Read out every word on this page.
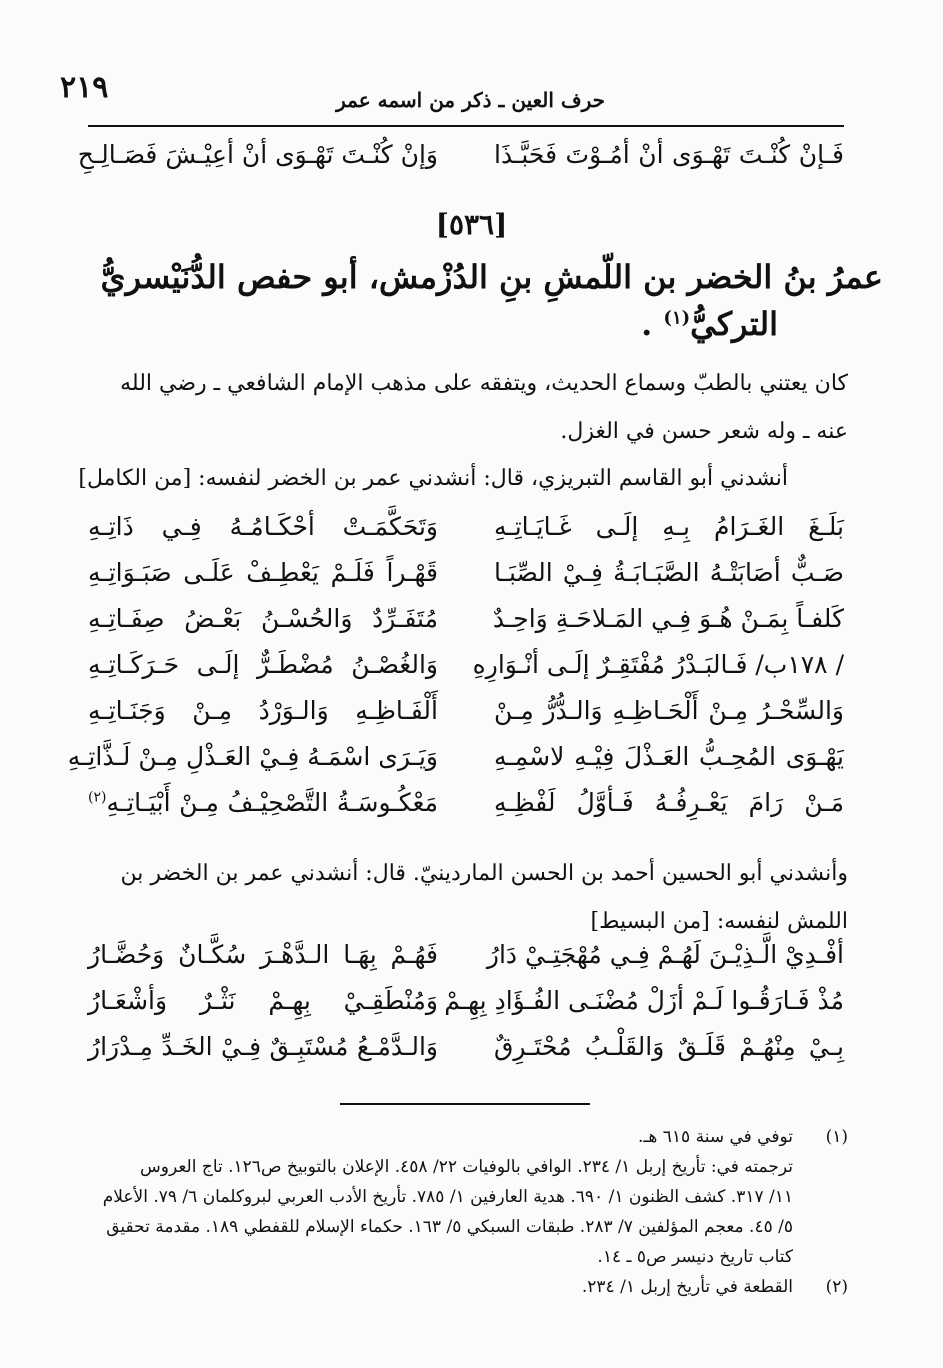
٢١٩	حرف العين ـ ذكر من اسمه عمر
فَـإنْ كُنْـتَ تَهْـوَى أنْ أمُـوْتَ فَحَبَّـذَا
وَإنْ كُنْـتَ تَهْـوَى أنْ أعِيْـشَ فَصَـالِـحِ
[٥٣٦]
عمرُ بنُ الخضر بن اللّمشِ بنِ الدُزْمش، أبو حفص الدُّنَيْسريُّ
التركيُّ$^{(١)}$ .
كان يعتني بالطبّ وسماع الحديث، ويتفقه على مذهب الإمام الشافعي ـ رضي الله
عنه ـ وله شعر حسن في الغزل.
أنشدني أبو القاسم التبريزي، قال: أنشدني عمر بن الخضر لنفسه: [من الكامل]
بَلَـغَ الغَـرَامُ بِـهِ إلَـى غَـايَـاتِـهِ
وَتَحَكَّمَـتْ أحْكَـامُـهُ فِـي ذَاتِـهِ
صَـبٌّ أصَابَتْـهُ الصَّبَـابَـةُ فِـيْ الصِّبَـا
قَهْـراً فَلَـمْ يَعْطِـفْ عَلَـى صَبَـوَاتِـهِ
كَلفـاً بِمَـنْ هُـوَ فِـي المَـلاحَـةِ وَاحِـدٌ
مُتَفَـرِّدٌ وَالحُسْـنُ بَعْـضُ صِفَـاتِـهِ
/ ١٧٨ب/ فَـالبَـدْرُ مُفْتَقِـرٌ إلَـى أنْـوَارِهِ
وَالغُصْـنُ مُضْطَـرٌّ إلَـى حَـرَكَـاتِـهِ
وَالسِّحْـرُ مِـنْ أَلْحَـاظِـهِ وَالـدُّرُّ مِـنْ
أَلْفَـاظِـهِ وَالـوَرْدُ مِـنْ وَجَنَـاتِـهِ
يَهْـوَى المُحِـبُّ العَـذْلَ فِيْـهِ لاسْمِـهِ
وَيَـرَى اسْمَـهُ فِـيْ العَـذْلِ مِـنْ لَـذَّاتِـهِ
مَـنْ رَامَ يَعْـرِفُـهُ فَـأوَّلُ لَفْظِـهِ
مَعْكُـوسَـةُ التَّصْحِيْـفُ مِـنْ أَبْيَـاتِـهِ$^{(٢)}$
وأنشدني أبو الحسين أحمد بن الحسن الماردينيّ. قال: أنشدني عمر بن الخضر بن
اللمش لنفسه: [من البسيط]
أفْـدِيْ الَّـذِيْـنَ لَهُـمْ فِـي مُهْجَتِـيْ دَارُ
فَهُـمْ بِهَـا الـدَّهْـرَ سُكَّـانٌ وَحُضَّـارُ
مُذْ فَـارَقُـوا لَـمْ أزَلْ مُضْنَـى الفُـؤَادِ بِهِـمْ
وَمُنْطَقِـيْ بِهِـمْ نَثْـرٌ وَأشْعَـارُ
بِـيْ مِنْهُـمْ قَلَـقٌ وَالقَلْـبُ مُحْتَـرِقٌ
وَالـدَّمْـعُ مُسْتَبِـقٌ فِـيْ الخَـدِّ مِـدْرَارُ
(١)
توفي في سنة ٦١٥ هـ.
ترجمته في: تأريخ إربل ١/ ٢٣٤. الوافي بالوفيات ٢٢/ ٤٥٨. الإعلان بالتوبيخ ص١٢٦. تاج العروس
١١/ ٣١٧. كشف الظنون ١/ ٦٩٠. هدية العارفين ١/ ٧٨٥. تأريخ الأدب العربي لبروكلمان ٦/ ٧٩. الأعلام
٥/ ٤٥. معجم المؤلفين ٧/ ٢٨٣. طبقات السبكي ٥/ ١٦٣. حكماء الإسلام للقفطي ١٨٩. مقدمة تحقيق
كتاب تاريخ دنيسر ص٥ ـ ١٤.
(٢)
القطعة في تأريخ إربل ١/ ٢٣٤.
